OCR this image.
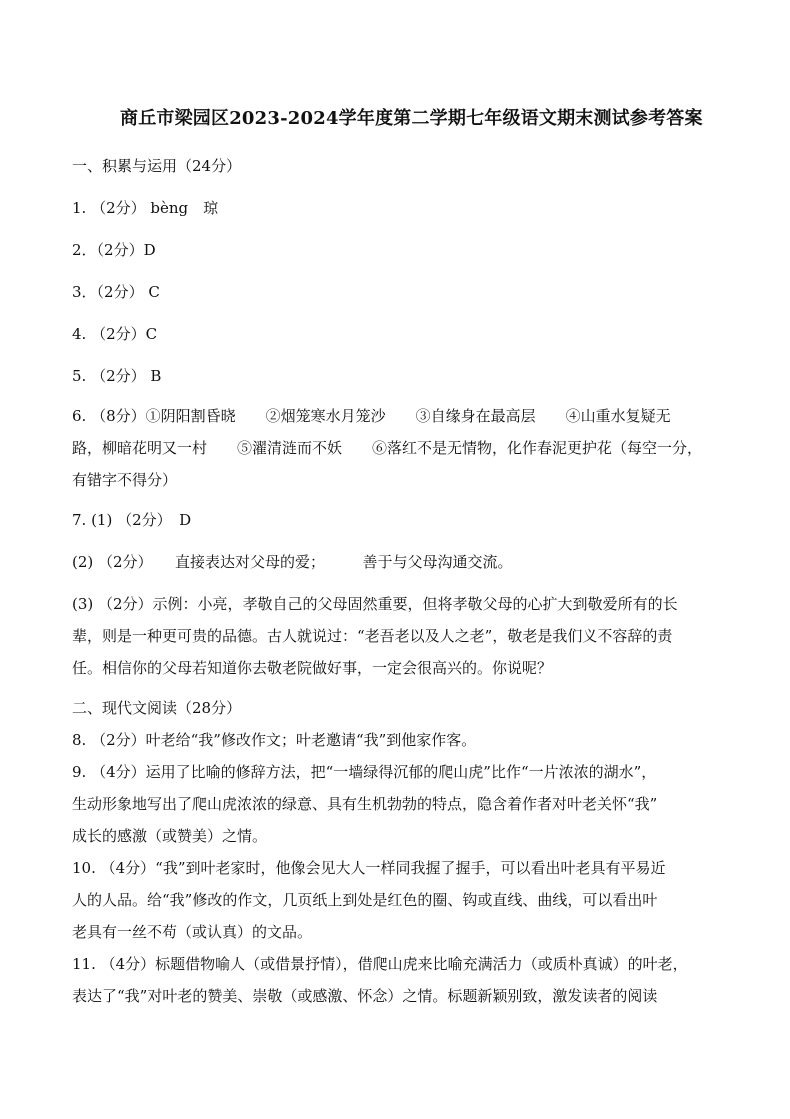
商丘市梁园区2023-2024学年度第二学期七年级语文期末测试参考答案
一、积累与运用（24分）
1. （2分） bèng　琼
2．（2分）D
3．（2分） C
4. （2分）C
5. （2分） B
6. （8分）①阴阳割昏晓　　②烟笼寒水月笼沙　　③自缘身在最高层　　④山重水复疑无
路，柳暗花明又一村　　⑤濯清涟而不妖　　⑥落红不是无情物，化作春泥更护花（每空一分，
有错字不得分）
7. (1) （2分）　D
(2) （2分）　　直接表达对父母的爱；　　　善于与父母沟通交流。
(3) （2分）示例：小亮，孝敬自己的父母固然重要，但将孝敬父母的心扩大到敬爱所有的长
辈，则是一种更可贵的品德。古人就说过：“老吾老以及人之老”，敬老是我们义不容辞的责
任。相信你的父母若知道你去敬老院做好事，一定会很高兴的。你说呢？
二、现代文阅读（28分）
8. （2分）叶老给“我”修改作文；叶老邀请“我”到他家作客。
9. （4分）运用了比喻的修辞方法，把“一墙绿得沉郁的爬山虎”比作“一片浓浓的湖水”，
生动形象地写出了爬山虎浓浓的绿意、具有生机勃勃的特点，隐含着作者对叶老关怀“我”
成长的感激（或赞美）之情。
10. （4分）“我”到叶老家时，他像会见大人一样同我握了握手，可以看出叶老具有平易近
人的人品。给“我”修改的作文，几页纸上到处是红色的圈、钩或直线、曲线，可以看出叶
老具有一丝不苟（或认真）的文品。
11. （4分）标题借物喻人（或借景抒情），借爬山虎来比喻充满活力（或质朴真诚）的叶老，
表达了“我”对叶老的赞美、崇敬（或感激、怀念）之情。标题新颖别致，激发读者的阅读
